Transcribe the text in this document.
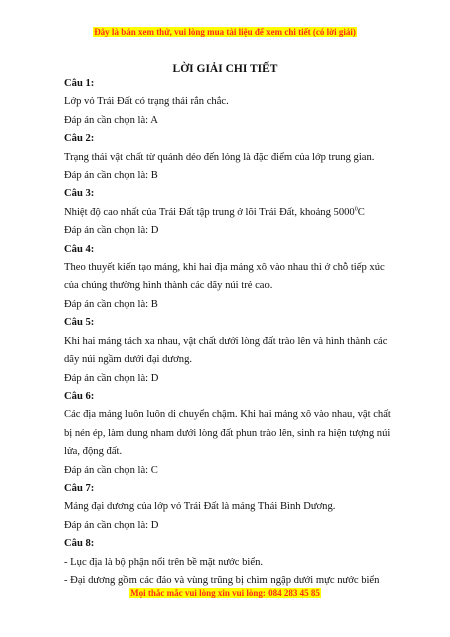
Đây là bản xem thử, vui lòng mua tài liệu để xem chi tiết (có lời giải)
LỜI GIẢI CHI TIẾT
Câu 1:
Lớp vỏ Trái Đất có trạng thái rắn chắc.
Đáp án cần chọn là: A
Câu 2:
Trạng thái vật chất từ quánh dẻo đến lỏng là đặc điểm của lớp trung gian.
Đáp án cần chọn là: B
Câu 3:
Nhiệt độ cao nhất của Trái Đất tập trung ở lõi Trái Đất, khoảng 5000$^0$C
Đáp án cần chọn là: D
Câu 4:
Theo thuyết kiến tạo mảng, khi hai địa mảng xô vào nhau thì ở chỗ tiếp xúc
của chúng thường hình thành các dãy núi trẻ cao.
Đáp án cần chọn là: B
Câu 5:
Khi hai mảng tách xa nhau, vật chất dưới lòng đất trào lên và hình thành các
dãy núi ngầm dưới đại dương.
Đáp án cần chọn là: D
Câu 6:
Các địa mảng luôn luôn di chuyển chậm. Khi hai mảng xô vào nhau, vật chất
bị nén ép, làm dung nham dưới lòng đất phun trào lên, sinh ra hiện tượng núi
lửa, động đất.
Đáp án cần chọn là: C
Câu 7:
Mảng đại dương của lớp vỏ Trái Đất là mảng Thái Bình Dương.
Đáp án cần chọn là: D
Câu 8:
- Lục địa là bộ phận nổi trên bề mặt nước biển.
- Đại dương gồm các đảo và vùng trũng bị chìm ngập dưới mực nước biển
Mọi thắc mắc vui lòng xin vui lòng: 084 283 45 85
